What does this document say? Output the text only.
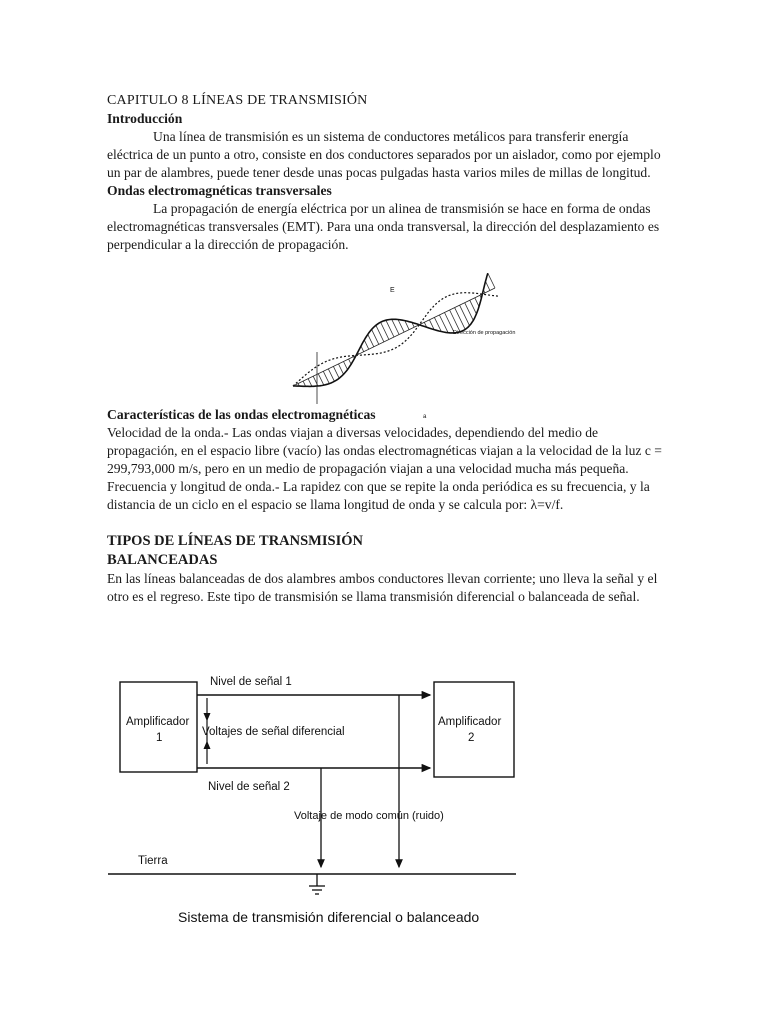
CAPITULO 8 LÍNEAS DE TRANSMISIÓN

Introducción

Una línea de transmisión es un sistema de conductores metálicos para transferir energía eléctrica de un punto a otro, consiste en dos conductores separados por un aislador, como por ejemplo un par de alambres, puede tener desde unas pocas pulgadas hasta varios miles de millas de longitud.

Ondas electromagnéticas transversales

La propagación de energía eléctrica por un alinea de transmisión se hace en forma de ondas electromagnéticas transversales (EMT). Para una onda transversal, la dirección del desplazamiento es perpendicular a la dirección de propagación.

Características de las ondas electromagnéticas

Velocidad de la onda.- Las ondas viajan a diversas velocidades, dependiendo del medio de propagación, en el espacio libre (vacío) las ondas electromagnéticas viajan a la velocidad de la luz c = 299,793,000 m/s, pero en un medio de propagación viajan a una velocidad mucha más pequeña.

Frecuencia y longitud de onda.- La rapidez con que se repite la onda periódica es su frecuencia, y la distancia de un ciclo en el espacio se llama longitud de onda y se calcula por: λ=v/f.

TIPOS DE LÍNEAS DE TRANSMISIÓN

BALANCEADAS

En las líneas balanceadas de dos alambres ambos conductores llevan corriente; uno lleva la señal y el otro es el regreso. Este tipo de transmisión se llama transmisión diferencial o balanceada de señal.

E
Dirección de propagación
a
Amplificador
1
Amplificador
2
Nivel de señal 1
Nivel de señal 2
Voltajes de señal diferencial
Voltaje de modo común (ruido)
Tierra
Sistema de transmisión diferencial o balanceado
